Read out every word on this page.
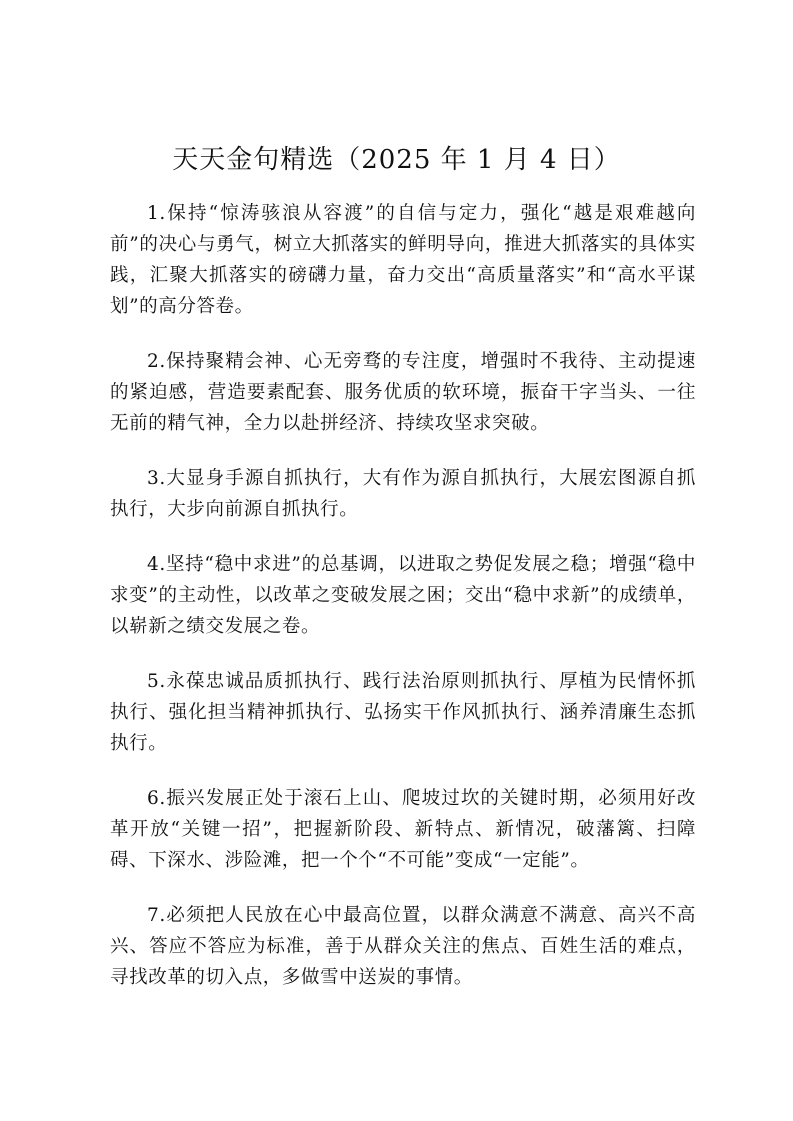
天天金句精选（2025 年 1 月 4 日）

1.保持“惊涛骇浪从容渡”的自信与定力，强化“越是艰难越向前”的决心与勇气，树立大抓落实的鲜明导向，推进大抓落实的具体实践，汇聚大抓落实的磅礴力量，奋力交出“高质量落实”和“高水平谋划”的高分答卷。

2.保持聚精会神、心无旁骛的专注度，增强时不我待、主动提速的紧迫感，营造要素配套、服务优质的软环境，振奋干字当头、一往无前的精气神，全力以赴拼经济、持续攻坚求突破。

3.大显身手源自抓执行，大有作为源自抓执行，大展宏图源自抓执行，大步向前源自抓执行。

4.坚持“稳中求进”的总基调，以进取之势促发展之稳；增强“稳中求变”的主动性，以改革之变破发展之困；交出“稳中求新”的成绩单，以崭新之绩交发展之卷。

5.永葆忠诚品质抓执行、践行法治原则抓执行、厚植为民情怀抓执行、强化担当精神抓执行、弘扬实干作风抓执行、涵养清廉生态抓执行。

6.振兴发展正处于滚石上山、爬坡过坎的关键时期，必须用好改革开放“关键一招”，把握新阶段、新特点、新情况，破藩篱、扫障碍、下深水、涉险滩，把一个个“不可能”变成“一定能”。

7.必须把人民放在心中最高位置，以群众满意不满意、高兴不高兴、答应不答应为标准，善于从群众关注的焦点、百姓生活的难点，寻找改革的切入点，多做雪中送炭的事情。
